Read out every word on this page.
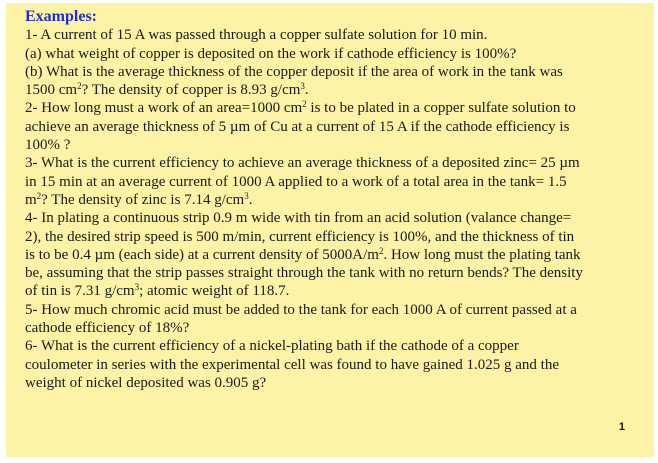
Examples:
1- A current of 15 A was passed through a copper sulfate solution for 10 min.
(a) what weight of copper is deposited on the work if cathode efficiency is 100%?
(b) What is the average thickness of the copper deposit if the area of work in the tank was
1500 $cm^2$? The density of copper is 8.93 $g/cm^3$.
2- How long must a work of an area=1000 $cm^2$ is to be plated in a copper sulfate solution to
achieve an average thickness of 5 µm of Cu at a current of 15 A if the cathode efficiency is
100% ?
3- What is the current efficiency to achieve an average thickness of a deposited zinc= 25 µm
in 15 min at an average current of 1000 A applied to a work of a total area in the tank= 1.5
$m^2$? The density of zinc is 7.14 $g/cm^3$.
4- In plating a continuous strip 0.9 m wide with tin from an acid solution (valance change=
2), the desired strip speed is 500 m/min, current efficiency is 100%, and the thickness of tin
is to be 0.4 µm (each side) at a current density of $5000A/m^2$. How long must the plating tank
be, assuming that the strip passes straight through the tank with no return bends? The density
of tin is 7.31 $g/cm^3$; atomic weight of 118.7.
5- How much chromic acid must be added to the tank for each 1000 A of current passed at a
cathode efficiency of 18%?
6- What is the current efficiency of a nickel-plating bath if the cathode of a copper
coulometer in series with the experimental cell was found to have gained 1.025 g and the
weight of nickel deposited was 0.905 g?
1
